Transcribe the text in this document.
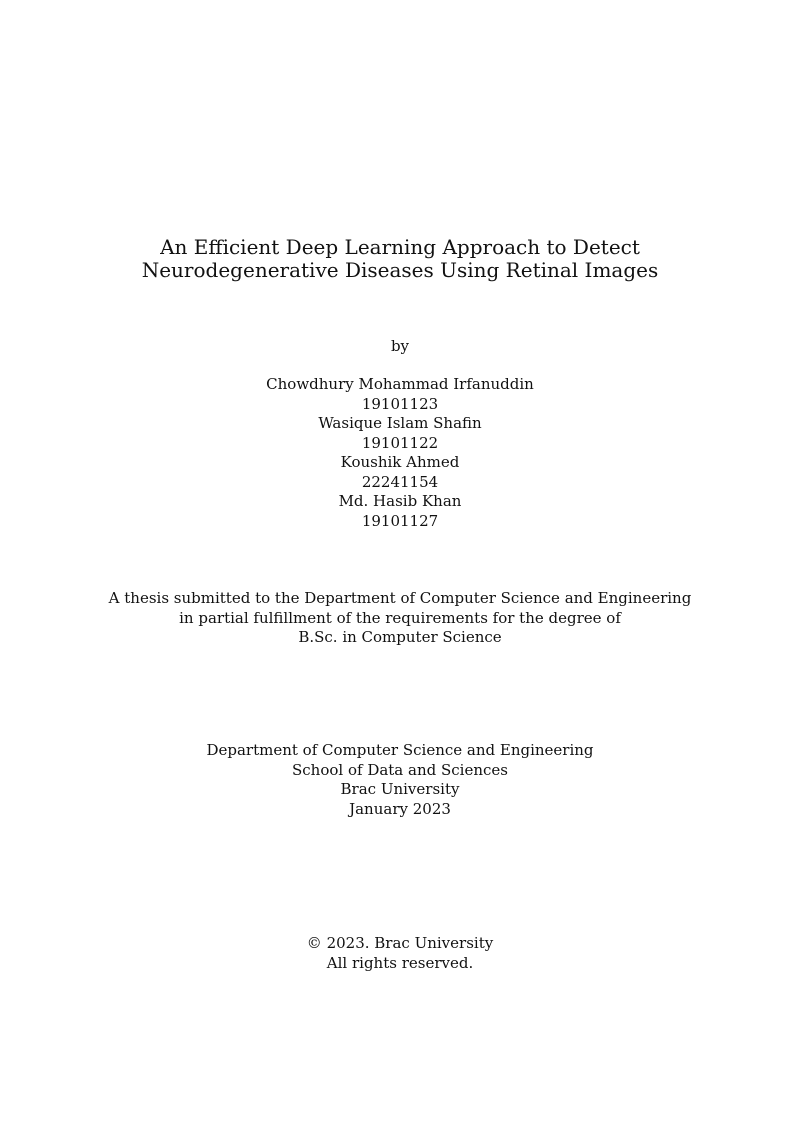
An Efficient Deep Learning Approach to Detect
Neurodegenerative Diseases Using Retinal Images
by
Chowdhury Mohammad Irfanuddin
19101123
Wasique Islam Shafin
19101122
Koushik Ahmed
22241154
Md. Hasib Khan
19101127
A thesis submitted to the Department of Computer Science and Engineering
in partial fulfillment of the requirements for the degree of
B.Sc. in Computer Science
Department of Computer Science and Engineering
School of Data and Sciences
Brac University
January 2023
© 2023. Brac University
All rights reserved.
